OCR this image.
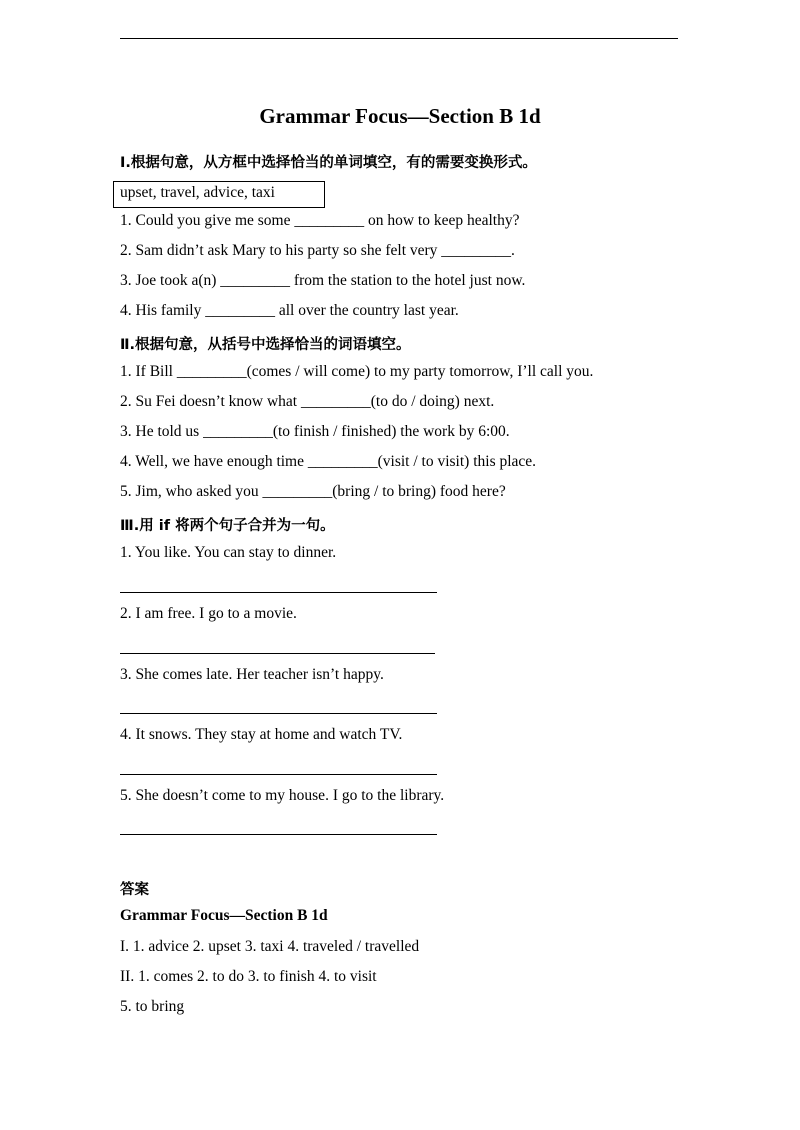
Grammar Focus—Section B 1d
Ⅰ.根据句意，从方框中选择恰当的单词填空，有的需要变换形式。
upset, travel, advice, taxi
1. Could you give me some _________ on how to keep healthy?
2. Sam didn’t ask Mary to his party so she felt very _________.
3. Joe took a(n) _________ from the station to the hotel just now.
4. His family _________ all over the country last year.
Ⅱ.根据句意，从括号中选择恰当的词语填空。
1. If Bill _________(comes / will come) to my party tomorrow, I’ll call you.
2. Su Fei doesn’t know what _________(to do / doing) next.
3. He told us _________(to finish / finished) the work by 6:00.
4. Well, we have enough time _________(visit / to visit) this place.
5. Jim, who asked you _________(bring / to bring) food here?
Ⅲ.用 if 将两个句子合并为一句。
1. You like. You can stay to dinner.
2. I am free. I go to a movie.
3. She comes late. Her teacher isn’t happy.
4. It snows. They stay at home and watch TV.
5. She doesn’t come to my house. I go to the library.
答案
Grammar Focus—Section B 1d
I. 1. advice 2. upset 3. taxi 4. traveled / travelled
II. 1. comes 2. to do 3. to finish 4. to visit
5. to bring
